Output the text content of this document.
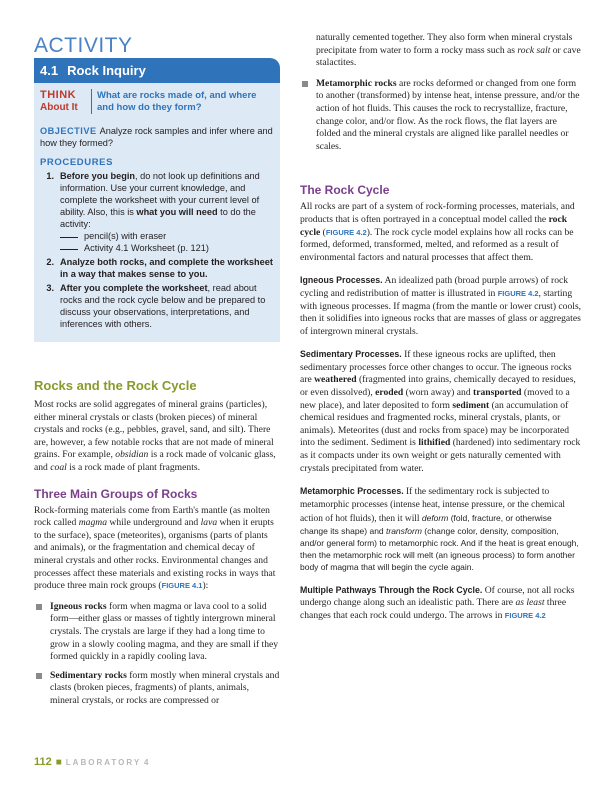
ACTIVITY
4.1 Rock Inquiry
THINK
About It
What are rocks made of, and where and how do they form?
OBJECTIVE Analyze rock samples and infer where and how they formed?
PROCEDURES
1. Before you begin, do not look up definitions and information. Use your current knowledge, and complete the worksheet with your current level of ability. Also, this is what you will need to do the activity:
pencil(s) with eraser
Activity 4.1 Worksheet (p. 121)
2. Analyze both rocks, and complete the worksheet in a way that makes sense to you.
3. After you complete the worksheet, read about rocks and the rock cycle below and be prepared to discuss your observations, interpretations, and inferences with others.
Rocks and the Rock Cycle

Most rocks are solid aggregates of mineral grains (particles), either mineral crystals or clasts (broken pieces) of mineral crystals and rocks (e.g., pebbles, gravel, sand, and silt). There are, however, a few notable rocks that are not made of mineral grains. For example, obsidian is a rock made of volcanic glass, and coal is a rock made of plant fragments.

Three Main Groups of Rocks

Rock-forming materials come from Earth's mantle (as molten rock called magma while underground and lava when it erupts to the surface), space (meteorites), organisms (parts of plants and animals), or the fragmentation and chemical decay of mineral crystals and other rocks. Environmental changes and processes affect these materials and existing rocks in ways that produce three main rock groups (FIGURE 4.1):

Igneous rocks form when magma or lava cool to a solid form—either glass or masses of tightly intergrown mineral crystals. The crystals are large if they had a long time to grow in a slowly cooling magma, and they are small if they formed quickly in a rapidly cooling lava.
Sedimentary rocks form mostly when mineral crystals and clasts (broken pieces, fragments) of plants, animals, mineral crystals, or rocks are compressed or
naturally cemented together. They also form when mineral crystals precipitate from water to form a rocky mass such as rock salt or cave stalactites.
Metamorphic rocks are rocks deformed or changed from one form to another (transformed) by intense heat, intense pressure, and/or the action of hot fluids. This causes the rock to recrystallize, fracture, change color, and/or flow. As the rock flows, the flat layers are folded and the mineral crystals are aligned like parallel needles or scales.
The Rock Cycle

All rocks are part of a system of rock-forming processes, materials, and products that is often portrayed in a conceptual model called the rock cycle (FIGURE 4.2). The rock cycle model explains how all rocks can be formed, deformed, transformed, melted, and reformed as a result of environmental factors and natural processes that affect them.

Igneous Processes. An idealized path (broad purple arrows) of rock cycling and redistribution of matter is illustrated in FIGURE 4.2, starting with igneous processes. If magma (from the mantle or lower crust) cools, then it solidifies into igneous rocks that are masses of glass or aggregates of intergrown mineral crystals.

Sedimentary Processes. If these igneous rocks are uplifted, then sedimentary processes force other changes to occur. The igneous rocks are weathered (fragmented into grains, chemically decayed to residues, or even dissolved), eroded (worn away) and transported (moved to a new place), and later deposited to form sediment (an accumulation of chemical residues and fragmented rocks, mineral crystals, plants, or animals). Meteorites (dust and rocks from space) may be incorporated into the sediment. Sediment is lithified (hardened) into sedimentary rock as it compacts under its own weight or gets naturally cemented with crystals precipitated from water.

Metamorphic Processes. If the sedimentary rock is subjected to metamorphic processes (intense heat, intense pressure, or the chemical action of hot fluids), then it will deform (fold, fracture, or otherwise change its shape) and transform (change color, density, composition, and/or general form) to metamorphic rock. And if the heat is great enough, then the metamorphic rock will melt (an igneous process) to form another body of magma that will begin the cycle again.

Multiple Pathways Through the Rock Cycle. Of course, not all rocks undergo change along such an idealistic path. There are as least three changes that each rock could undergo. The arrows in FIGURE 4.2

112 ■ LABORATORY 4
